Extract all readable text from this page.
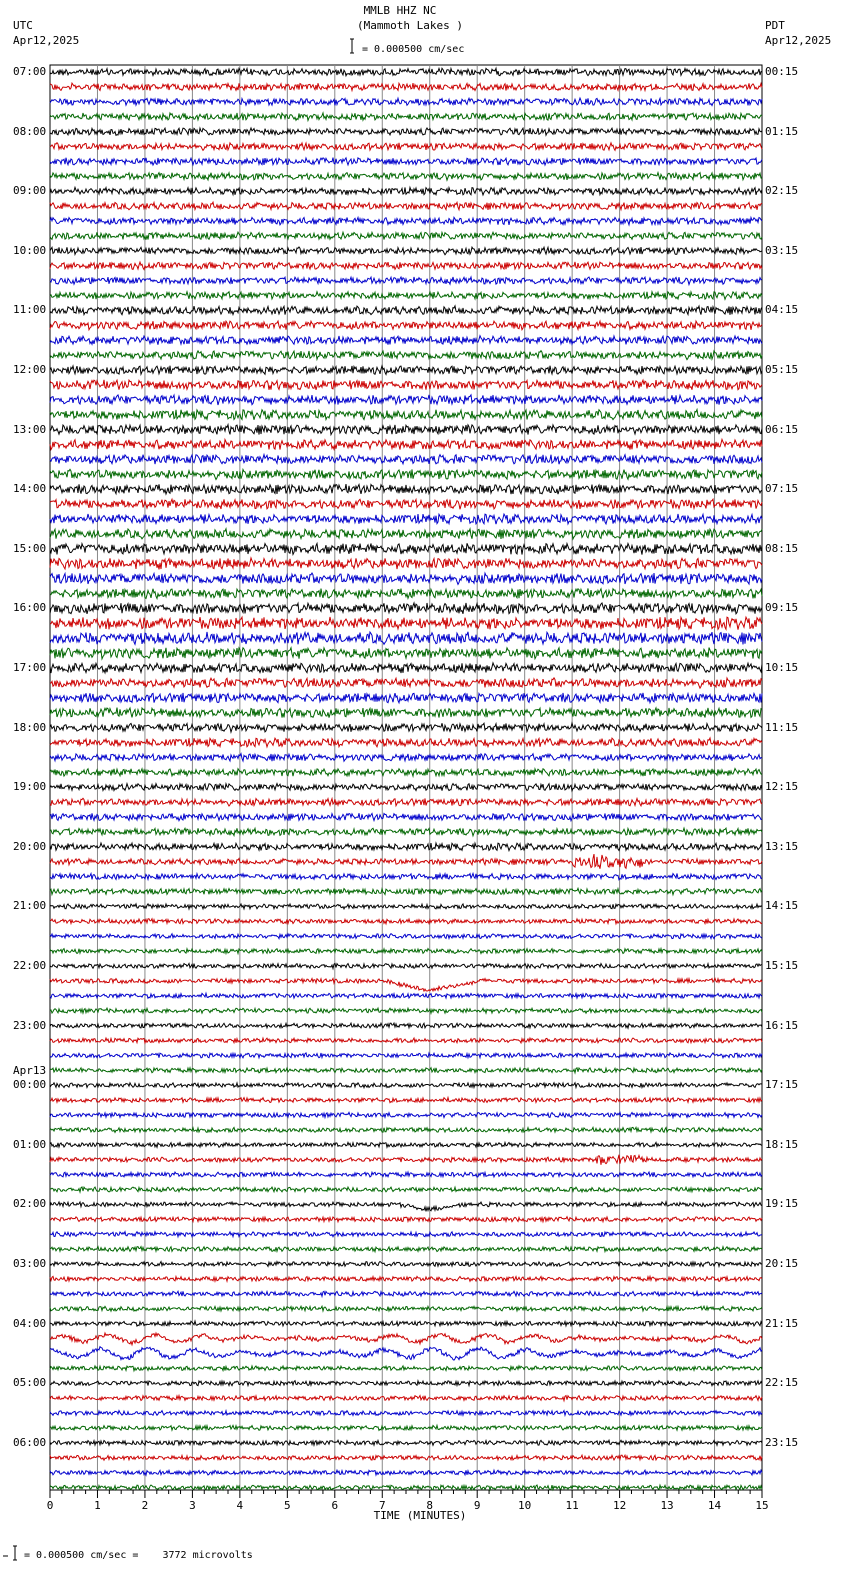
MMLB HHZ NC
(Mammoth Lakes )
= 0.000500 cm/sec
UTC
Apr12,2025
PDT
Apr12,2025
07:00
08:00
09:00
10:00
11:00
12:00
13:00
14:00
15:00
16:00
17:00
18:00
19:00
20:00
21:00
22:00
23:00
00:00
01:00
02:00
03:00
04:00
05:00
06:00
00:15
01:15
02:15
03:15
04:15
05:15
06:15
07:15
08:15
09:15
10:15
11:15
12:15
13:15
14:15
15:15
16:15
17:15
18:15
19:15
20:15
21:15
22:15
23:15
Apr13
0	1	2	3	4	5	6	7	8	9	10	11	12	13	14	15
TIME (MINUTES)
= 0.000500 cm/sec =    3772 microvolts
